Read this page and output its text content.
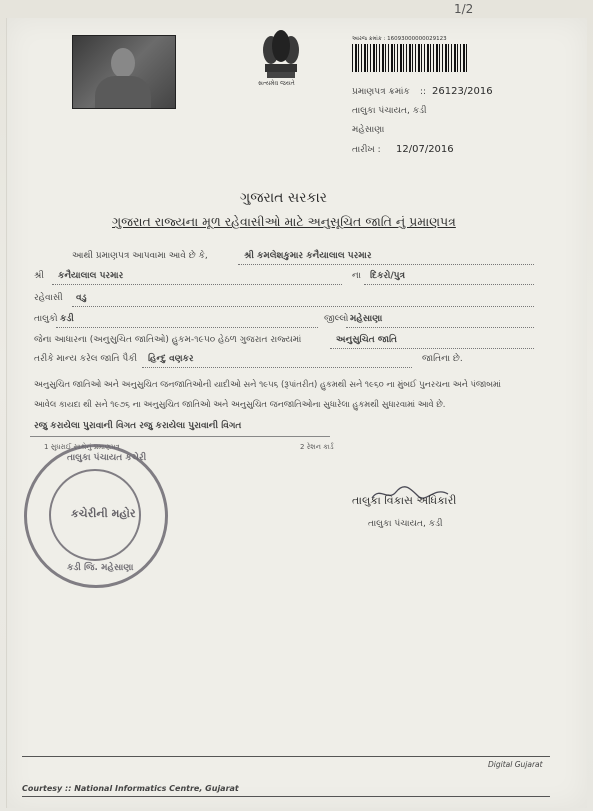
1/2
સત્યમેવ જયતે
આરજ ક્રમાંક : 16093000000029123
પ્રમાણપત્ર ક્રમાંક :: 26123/2016
તાલુકા પંચાયત, કડી
મહેસાણા
તારીખ : 12/07/2016
ગુજરાત સરકાર
ગુજરાત રાજ્યના મૂળ રહેવાસીઓ માટે અનુસૂચિત જાતિ નું પ્રમાણપત્ર
આથી પ્રમાણપત્ર આપવામા આવે છે કે,	શ્રી કમલેશકુમાર કનૈયાલાલ પરમાર
શ્રી કનૈયાલાલ પરમાર	ના દિકરો/પુત્ર
રહેવાસી વડુ
તાલુકો કડી	જીલ્લો મહેસાણા
જેના આધારના (અનુસુચિત જાતિઓ) હુકમ-૧૯૫૦ હેઠળ ગુજરાત રાજ્યમાં	અનુસુચિત જાતિ
તરીકે માન્ય કરેલ જાતિ પૈકી હિન્દુ વણકર	જાતિના છે.
અનુસુચિત જાતિઓ અને અનુસુચિત જનજાતિઓની યાદીઓ સને ૧૯૫૬ (રૂપાંતરીત) હુકમથી સને ૧૯૬૦ ના મુંબઈ પુનરચના અને પંજાબમાં
આવેલ કાયદા થી સને ૧૯૭૬ ના અનુસુચિત જાતિઓ અને અનુસુચિત જનજાતિઓના સુધારેલા હુકમથી સુધારવામાં આવે છે.
રજુ કરાયેલા પુરાવાની વિગત રજુ કરાયેલા પુરાવાની વિગત
1 સુધરાઈ સાથેનું પ્રમાણપત્ર	2 રેશન કાર્ડ
તાલુકા પંચાયત કચેરી
કચેરીની મહોર
કડી જિ. મહેસાણા
તાલુકા વિકાસ અધિકારી
તાલુકા પંચાયત, કડી
Digital Gujarat
Courtesy :: National Informatics Centre, Gujarat
